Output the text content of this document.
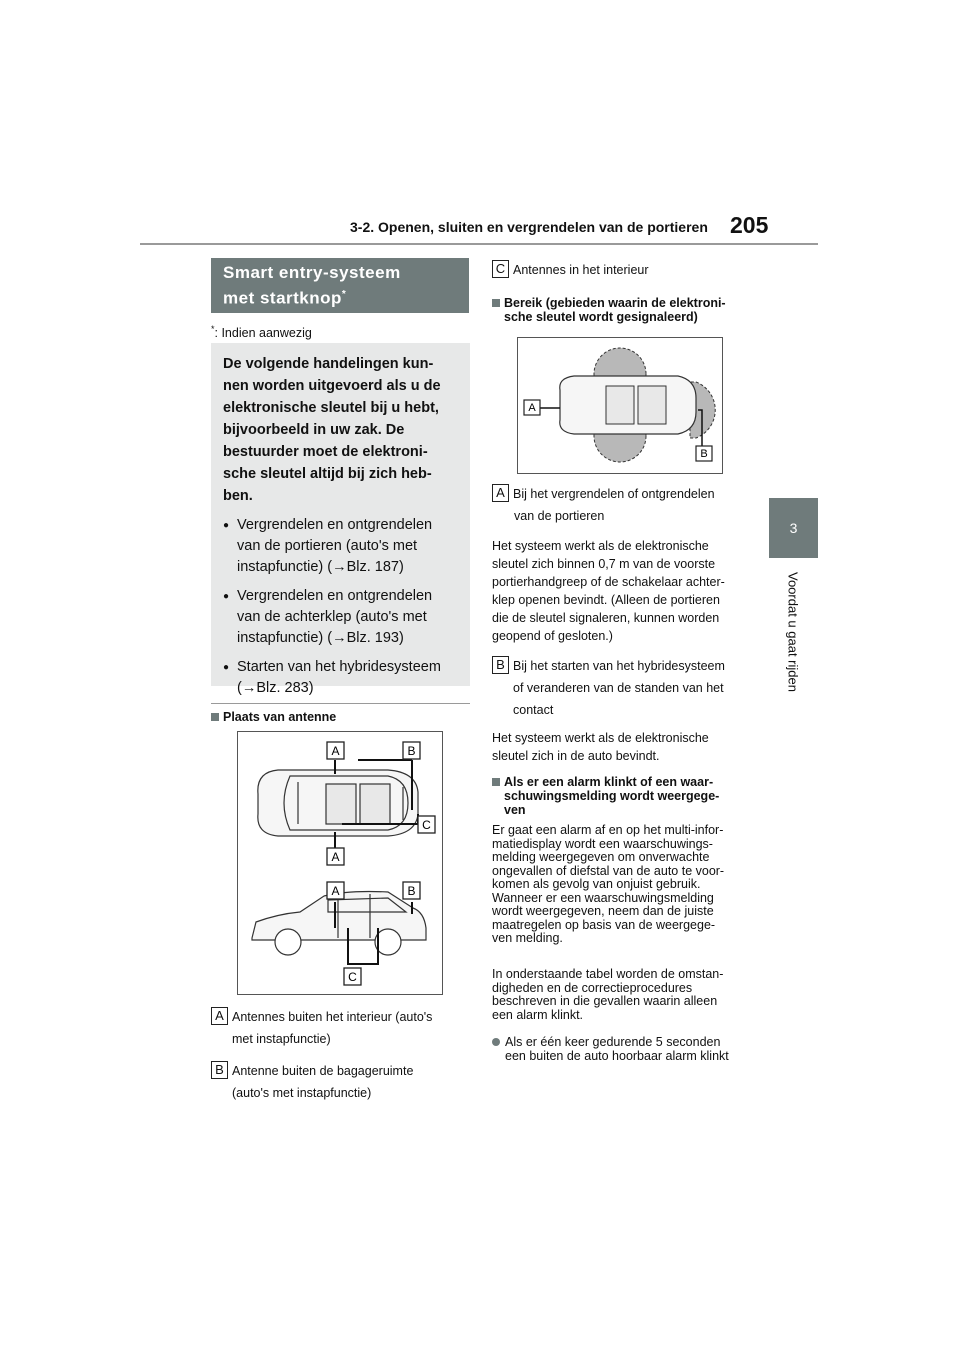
3-2. Openen, sluiten en vergrendelen van de portieren 205
3
Voordat u gaat rijden
Smart entry-systeem
met startknop*
*: Indien aanwezig

De volgende handelingen kun-nen worden uitgevoerd als u de elektronische sleutel bij u hebt, bijvoorbeeld in uw zak. De bestuurder moet de elektroni-sche sleutel altijd bij zich heb-ben.

● Vergrendelen en ontgrendelen van de portieren (auto's met instapfunctie) (→Blz. 187)
● Vergrendelen en ontgrendelen van de achterklep (auto's met instapfunctie) (→Blz. 193)
● Starten van het hybridesysteem (→Blz. 283)
Plaats van antenne
A	B
C
A
A	B
C
A Antennes buiten het interieur (auto's
met instapfunctie)
B Antenne buiten de bagageruimte
(auto's met instapfunctie)
C Antennes in het interieur
Bereik (gebieden waarin de elektroni-
sche sleutel wordt gesignaleerd)
A
B
A Bij het vergrendelen of ontgrendelen
van de portieren
Het systeem werkt als de elektronische
sleutel zich binnen 0,7 m van de voorste
portierhandgreep of de schakelaar achter-
klep openen bevindt. (Alleen de portieren
die de sleutel signaleren, kunnen worden
geopend of gesloten.)
B Bij het starten van het hybridesysteem
of veranderen van de standen van het
contact
Het systeem werkt als de elektronische
sleutel zich in de auto bevindt.
Als er een alarm klinkt of een waar-
schuwingsmelding wordt weergege-
ven
Er gaat een alarm af en op het multi-infor-
matiedisplay wordt een waarschuwings-
melding weergegeven om onverwachte
ongevallen of diefstal van de auto te voor-
komen als gevolg van onjuist gebruik.
Wanneer er een waarschuwingsmelding
wordt weergegeven, neem dan de juiste
maatregelen op basis van de weergege-
ven melding.
In onderstaande tabel worden de omstan-
digheden en de correctieprocedures
beschreven in die gevallen waarin alleen
een alarm klinkt.
Als er één keer gedurende 5 seconden
een buiten de auto hoorbaar alarm klinkt
